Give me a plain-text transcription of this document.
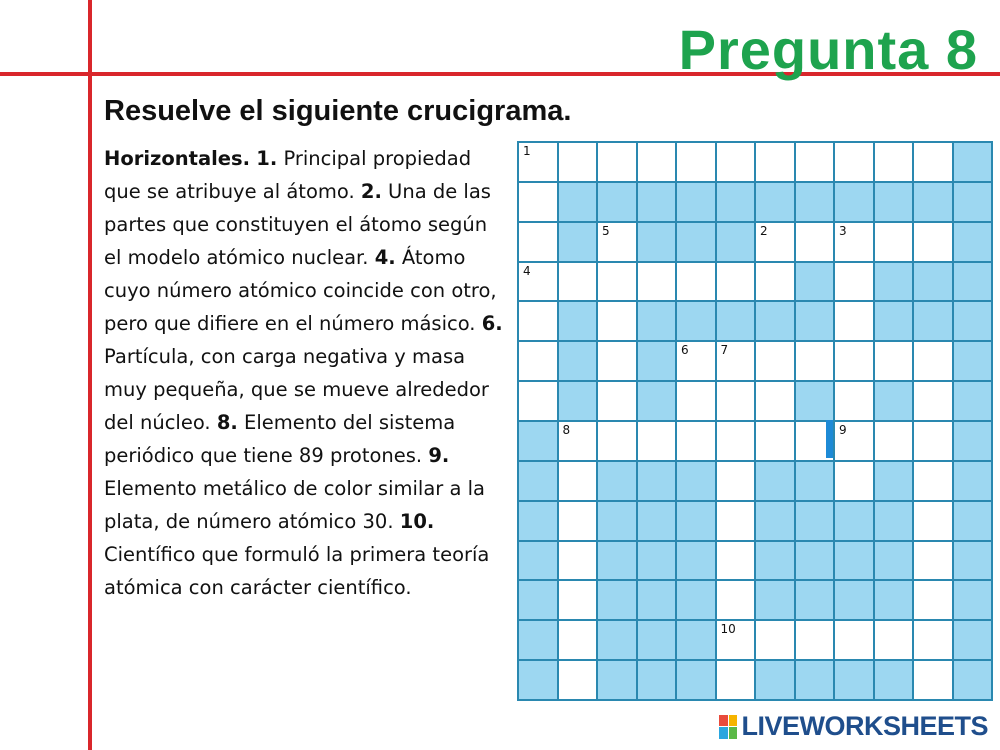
Pregunta 8
Resuelve el siguiente crucigrama.
Horizontales. 1. Principal propiedad que se atribuye al átomo. 2. Una de las partes que constituyen el átomo según el modelo atómico nuclear. 4. Átomo cuyo número atómico coincide con otro, pero que difiere en el número másico. 6. Partícula, con carga negativa y masa muy pequeña, que se mueve alrededor del núcleo. 8. Elemento del sistema periódico que tiene 89 protones. 9. Elemento metálico de color similar a la plata, de número atómico 30. 10. Científico que formuló la primera teoría atómica con carácter científico.
1
5	2	3
4
6	7
8	9
10
LIVEWORKSHEETS
